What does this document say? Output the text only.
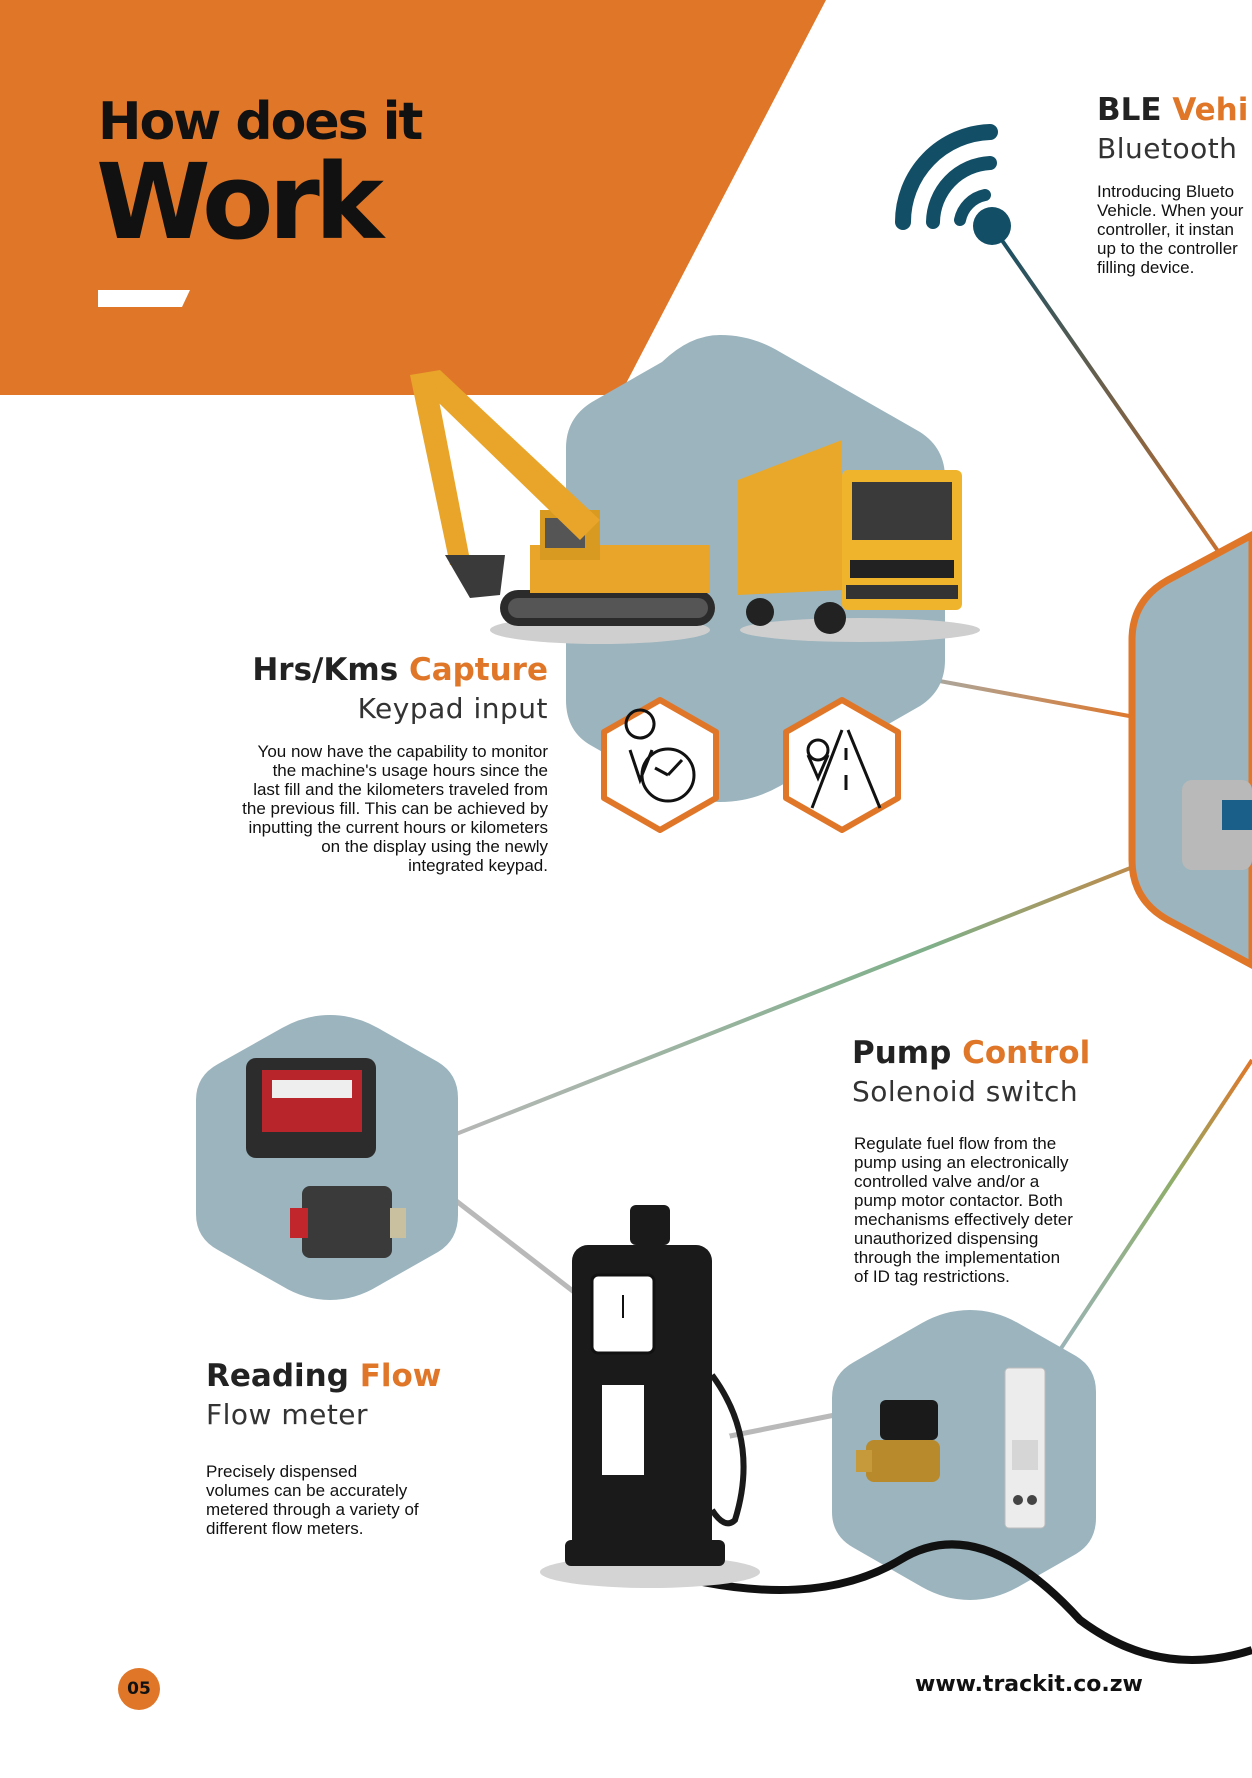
How does it
Work
BLE Vehi
Bluetooth
Introducing Blueto
Vehicle. When your
controller, it instan
up to the controller
filling device.
Hrs/Kms Capture
Keypad input
You now have the capability to monitor
the machine's usage hours since the
last fill and the kilometers traveled from
the previous fill. This can be achieved by
inputting the current hours or kilometers
on the display using the newly
integrated keypad.
Pump Control
Solenoid switch
Regulate fuel flow from the
pump using an electronically
controlled valve and/or a
pump motor contactor. Both
mechanisms effectively deter
unauthorized dispensing
through the implementation
of ID tag restrictions.
Reading Flow
Flow meter
Precisely dispensed
volumes can be accurately
metered through a variety of
different flow meters.
05	www.trackit.co.zw
